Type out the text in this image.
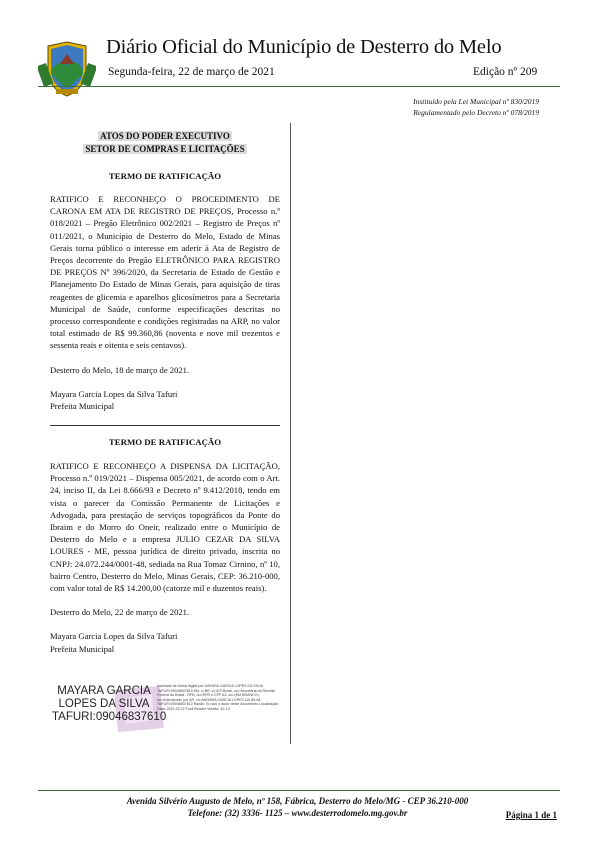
Diário Oficial do Município de Desterro do Melo
Segunda-feira, 22 de março de 2021	Edição nº 209
Instituído pela Lei Municipal nº 830/2019
Regulamentado pelo Decreto nº 078/2019
ATOS DO PODER EXECUTIVO
SETOR DE COMPRAS E LICITAÇÕES
TERMO DE RATIFICAÇÃO

RATIFICO E RECONHEÇO O PROCEDIMENTO DE CARONA EM ATA DE REGISTRO DE PREÇOS, Processo n.º 018/2021 – Pregão Eletrônico 002/2021 – Registro de Preços nº 011/2021, o Município de Desterro do Melo, Estado de Minas Gerais torna público o interesse em aderir à Ata de Registro de Preços decorrente do Pregão ELETRÔNICO PARA REGISTRO DE PREÇOS Nº 396/2020, da Secretaria de Estado de Gestão e Planejamento Do Estado de Minas Gerais, para aquisição de tiras reagentes de glicemia e aparelhos glicosímetros para a Secretaria Municipal de Saúde, conforme especificações descritas no processo correspondente e condições registradas na ARP, no valor total estimado de R$ 99.360,86 (noventa e nove mil trezentos e sessenta reais e oitenta e seis centavos).

Desterro do Melo, 18 de março de 2021.

Mayara Garcia Lopes da Silva Tafuri

Prefeita Municipal

TERMO DE RATIFICAÇÃO

RATIFICO E RECONHEÇO A DISPENSA DA LICITAÇÃO, Processo n.º 019/2021 – Dispensa 005/2021, de acordo com o Art. 24, inciso II, da Lei 8.666/93 e Decreto nº 9.412/2018, tendo em vista o parecer da Comissão Permanente de Licitações e Advogada, para prestação de serviços topográficos da Ponte do Ibraim e do Morro do Oneir, realizado entre o Município de Desterro do Melo e a empresa JULIO CEZAR DA SILVA LOURES - ME, pessoa jurídica de direito privado, inscrita no CNPJ: 24.072.244/0001-48, sediada na Rua Tomaz Cirnino, nº 10, bairro Centro, Desterro do Melo, Minas Gerais, CEP: 36.210-000, com valor total de R$ 14.200,00 (catorze mil e duzentos reais).

Desterro do Melo, 22 de março de 2021.

Mayara Garcia Lopes da Silva Tafuri

Prefeita Municipal

MAYARA GARCIA
LOPES DA SILVA
TAFURI:09046837610
Assinado de forma digital por MAYARA GARCIA LOPES DA SILVA TAFURI:09046837610 DN: c=BR, o=ICP-Brasil, ou=Secretaria da Receita Federal do Brasil - RFB, ou=RFB e-CPF A3, ou=(EM BRANCO), ou=Autenticado por AR, cn=MAYARA GARCIA LOPES DA SILVA TAFURI:09046837610 Razão: Eu sou o autor deste documento Localização: Data: 2021.03.22 Foxit Reader Versão: 10.1.0
Avenida Silvério Augusto de Melo, nº 158, Fábrica, Desterro do Melo/MG - CEP 36.210-000
Telefone: (32) 3336- 1125 – www.desterrodomelo.mg.gov.br	Página 1 de 1
